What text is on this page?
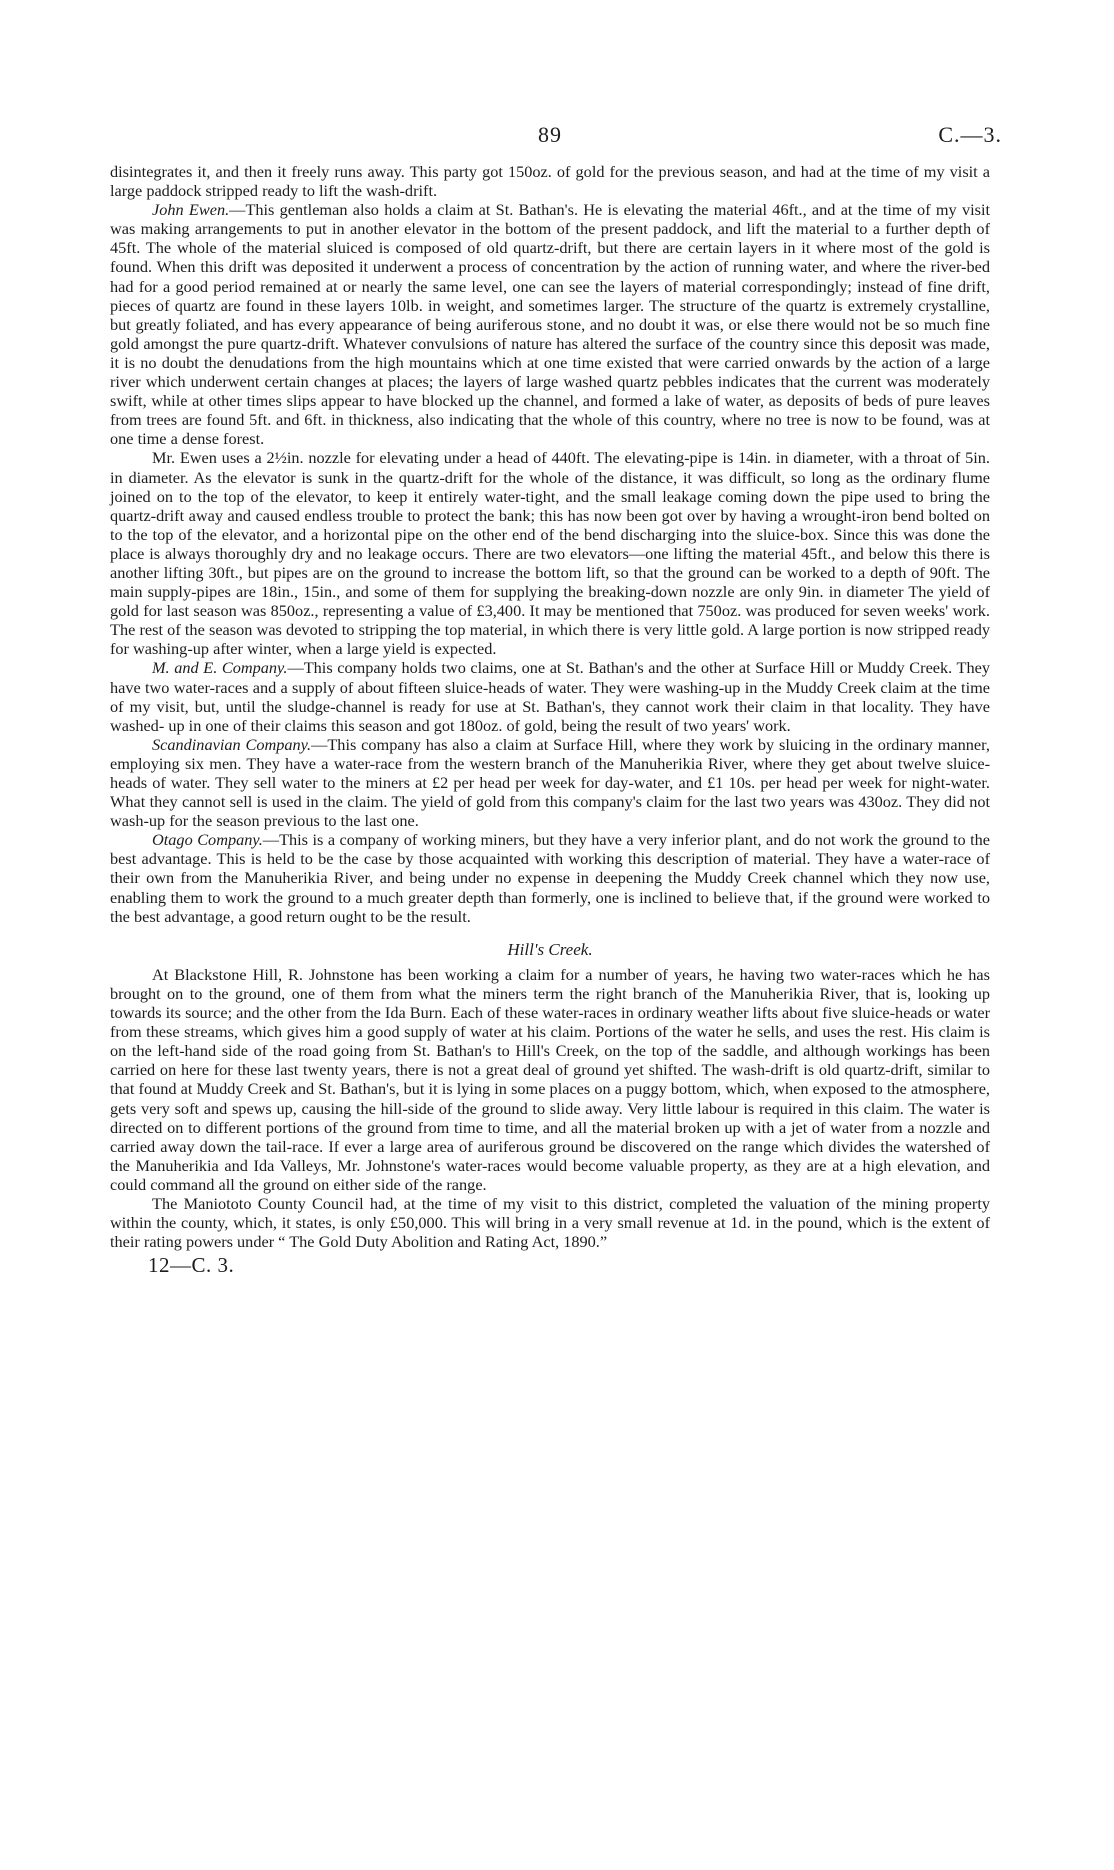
89	C.—3.

disintegrates it, and then it freely runs away. This party got 150oz. of gold for the previous season, and had at the time of my visit a large paddock stripped ready to lift the wash-drift.

John Ewen.—This gentleman also holds a claim at St. Bathan's. He is elevating the material 46ft., and at the time of my visit was making arrangements to put in another elevator in the bottom of the present paddock, and lift the material to a further depth of 45ft. The whole of the material sluiced is composed of old quartz-drift, but there are certain layers in it where most of the gold is found. When this drift was deposited it underwent a process of concentration by the action of running water, and where the river-bed had for a good period remained at or nearly the same level, one can see the layers of material correspondingly; instead of fine drift, pieces of quartz are found in these layers 10lb. in weight, and sometimes larger. The structure of the quartz is extremely crystalline, but greatly foliated, and has every appearance of being auriferous stone, and no doubt it was, or else there would not be so much fine gold amongst the pure quartz-drift. Whatever convulsions of nature has altered the surface of the country since this deposit was made, it is no doubt the denudations from the high mountains which at one time existed that were carried onwards by the action of a large river which underwent certain changes at places; the layers of large washed quartz pebbles indicates that the current was moderately swift, while at other times slips appear to have blocked up the channel, and formed a lake of water, as deposits of beds of pure leaves from trees are found 5ft. and 6ft. in thickness, also indicating that the whole of this country, where no tree is now to be found, was at one time a dense forest.

Mr. Ewen uses a 2½in. nozzle for elevating under a head of 440ft. The elevating-pipe is 14in. in diameter, with a throat of 5in. in diameter. As the elevator is sunk in the quartz-drift for the whole of the distance, it was difficult, so long as the ordinary flume joined on to the top of the elevator, to keep it entirely water-tight, and the small leakage coming down the pipe used to bring the quartz-drift away and caused endless trouble to protect the bank; this has now been got over by having a wrought-iron bend bolted on to the top of the elevator, and a horizontal pipe on the other end of the bend discharging into the sluice-box. Since this was done the place is always thoroughly dry and no leakage occurs. There are two elevators—one lifting the material 45ft., and below this there is another lifting 30ft., but pipes are on the ground to increase the bottom lift, so that the ground can be worked to a depth of 90ft. The main supply-pipes are 18in., 15in., and some of them for supplying the breaking-down nozzle are only 9in. in diameter The yield of gold for last season was 850oz., representing a value of £3,400. It may be mentioned that 750oz. was produced for seven weeks' work. The rest of the season was devoted to stripping the top material, in which there is very little gold. A large portion is now stripped ready for washing-up after winter, when a large yield is expected.

M. and E. Company.—This company holds two claims, one at St. Bathan's and the other at Surface Hill or Muddy Creek. They have two water-races and a supply of about fifteen sluice-heads of water. They were washing-up in the Muddy Creek claim at the time of my visit, but, until the sludge-channel is ready for use at St. Bathan's, they cannot work their claim in that locality. They have washed- up in one of their claims this season and got 180oz. of gold, being the result of two years' work.

Scandinavian Company.—This company has also a claim at Surface Hill, where they work by sluicing in the ordinary manner, employing six men. They have a water-race from the western branch of the Manuherikia River, where they get about twelve sluice-heads of water. They sell water to the miners at £2 per head per week for day-water, and £1 10s. per head per week for night-water. What they cannot sell is used in the claim. The yield of gold from this company's claim for the last two years was 430oz. They did not wash-up for the season previous to the last one.

Otago Company.—This is a company of working miners, but they have a very inferior plant, and do not work the ground to the best advantage. This is held to be the case by those acquainted with working this description of material. They have a water-race of their own from the Manuherikia River, and being under no expense in deepening the Muddy Creek channel which they now use, enabling them to work the ground to a much greater depth than formerly, one is inclined to believe that, if the ground were worked to the best advantage, a good return ought to be the result.

Hill's Creek.

At Blackstone Hill, R. Johnstone has been working a claim for a number of years, he having two water-races which he has brought on to the ground, one of them from what the miners term the right branch of the Manuherikia River, that is, looking up towards its source; and the other from the Ida Burn. Each of these water-races in ordinary weather lifts about five sluice-heads or water from these streams, which gives him a good supply of water at his claim. Portions of the water he sells, and uses the rest. His claim is on the left-hand side of the road going from St. Bathan's to Hill's Creek, on the top of the saddle, and although workings has been carried on here for these last twenty years, there is not a great deal of ground yet shifted. The wash-drift is old quartz-drift, similar to that found at Muddy Creek and St. Bathan's, but it is lying in some places on a puggy bottom, which, when exposed to the atmosphere, gets very soft and spews up, causing the hill-side of the ground to slide away. Very little labour is required in this claim. The water is directed on to different portions of the ground from time to time, and all the material broken up with a jet of water from a nozzle and carried away down the tail-race. If ever a large area of auriferous ground be discovered on the range which divides the watershed of the Manuherikia and Ida Valleys, Mr. Johnstone's water-races would become valuable property, as they are at a high elevation, and could command all the ground on either side of the range.

The Maniototo County Council had, at the time of my visit to this district, completed the valuation of the mining property within the county, which, it states, is only £50,000. This will bring in a very small revenue at 1d. in the pound, which is the extent of their rating powers under “ The Gold Duty Abolition and Rating Act, 1890.”

12—C. 3.
